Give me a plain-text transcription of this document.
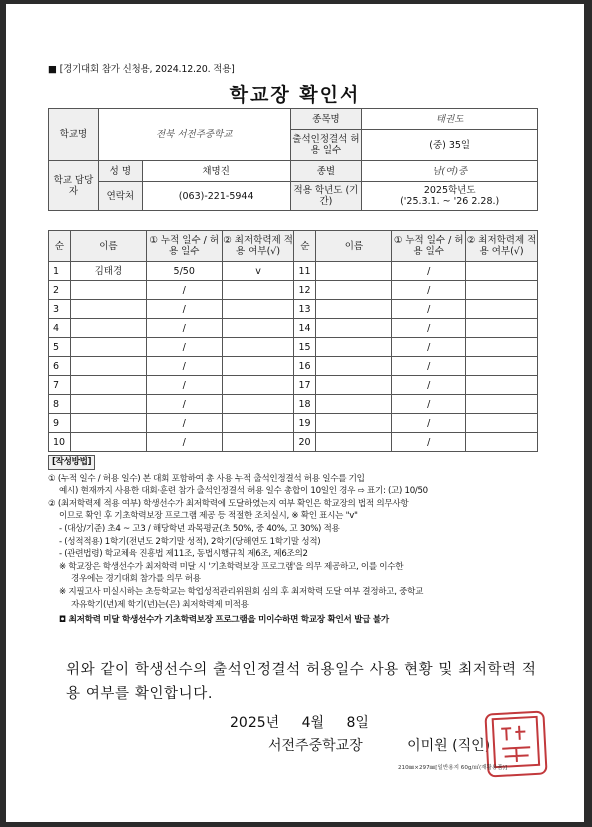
■ [경기대회 참가 신청용, 2024.12.20. 적용]
학교장 확인서
학교명	전북 서전주중학교		종목명	태권도
			출석인정결석 허용 일수	(중) 35일
학교 담당자	성 명	채명진	종별	남(여)중
	연락처	(063)-221-5944	적용 학년도 (기간)	2025학년도
('25.3.1. ~ '26 2.28.)
순	이름	① 누적 일수 / 허용 일수	② 최저학력제 적용 여부(√)	순	이름	① 누적 일수 / 허용 일수	② 최저학력제 적용 여부(√)
1	김태경	5/50	v	11		/	
2		/		12		/	
3		/		13		/	
4		/		14		/	
5		/		15		/	
6		/		16		/	
7		/		17		/	
8		/		18		/	
9		/		19		/	
10		/		20		/	
[작성방법]
① (누적 일수 / 허용 일수) 본 대회 포함하여 총 사용 누적 출석인정결석 허용 일수를 기입
예시) 현재까지 사용한 대회·훈련 참가 출석인정결석 허용 일수 총합이 10일인 경우 ⇨ 표기: (고) 10/50
② (최저학력제 적용 여부) 학생선수가 최저학력에 도달하였는지 여부 확인은 학교장의 법적 의무사항
이므로 확인 후 기초학력보장 프로그램 제공 등 적절한 조치실시, ※ 확인 표시는 "v"
- (대상/기준) 초4 ~ 고3 / 해당학년 과목평균(초 50%, 중 40%, 고 30%) 적용
- (성적적용) 1학기(전년도 2학기말 성적), 2학기(당해연도 1학기말 성적)
- (관련법령) 학교체육 진흥법 제11조, 동법시행규칙 제6조, 제6조의2
※ 학교장은 학생선수가 최저학력 미달 시 '기초학력보장 프로그램'을 의무 제공하고, 이를 이수한
경우에는 경기대회 참가를 의무 허용
※ 지필고사 미실시하는 초등학교는 학업성적관리위원회 심의 후 최저학력 도달 여부 결정하고, 중학교
자유학기(년)제 학기(년)는(은) 최저학력제 미적용
◘ 최저학력 미달 학생선수가 기초학력보장 프로그램을 미이수하면 학교장 확인서 발급 불가
위와 같이 학생선수의 출석인정결석 허용일수 사용 현황 및 최저학력 적용 여부를 확인합니다.
2025년 4월 8일
서전주중학교장	이미원 (직인)
210㎜×297㎜[일반용지 60g/㎡(재활용품)]
